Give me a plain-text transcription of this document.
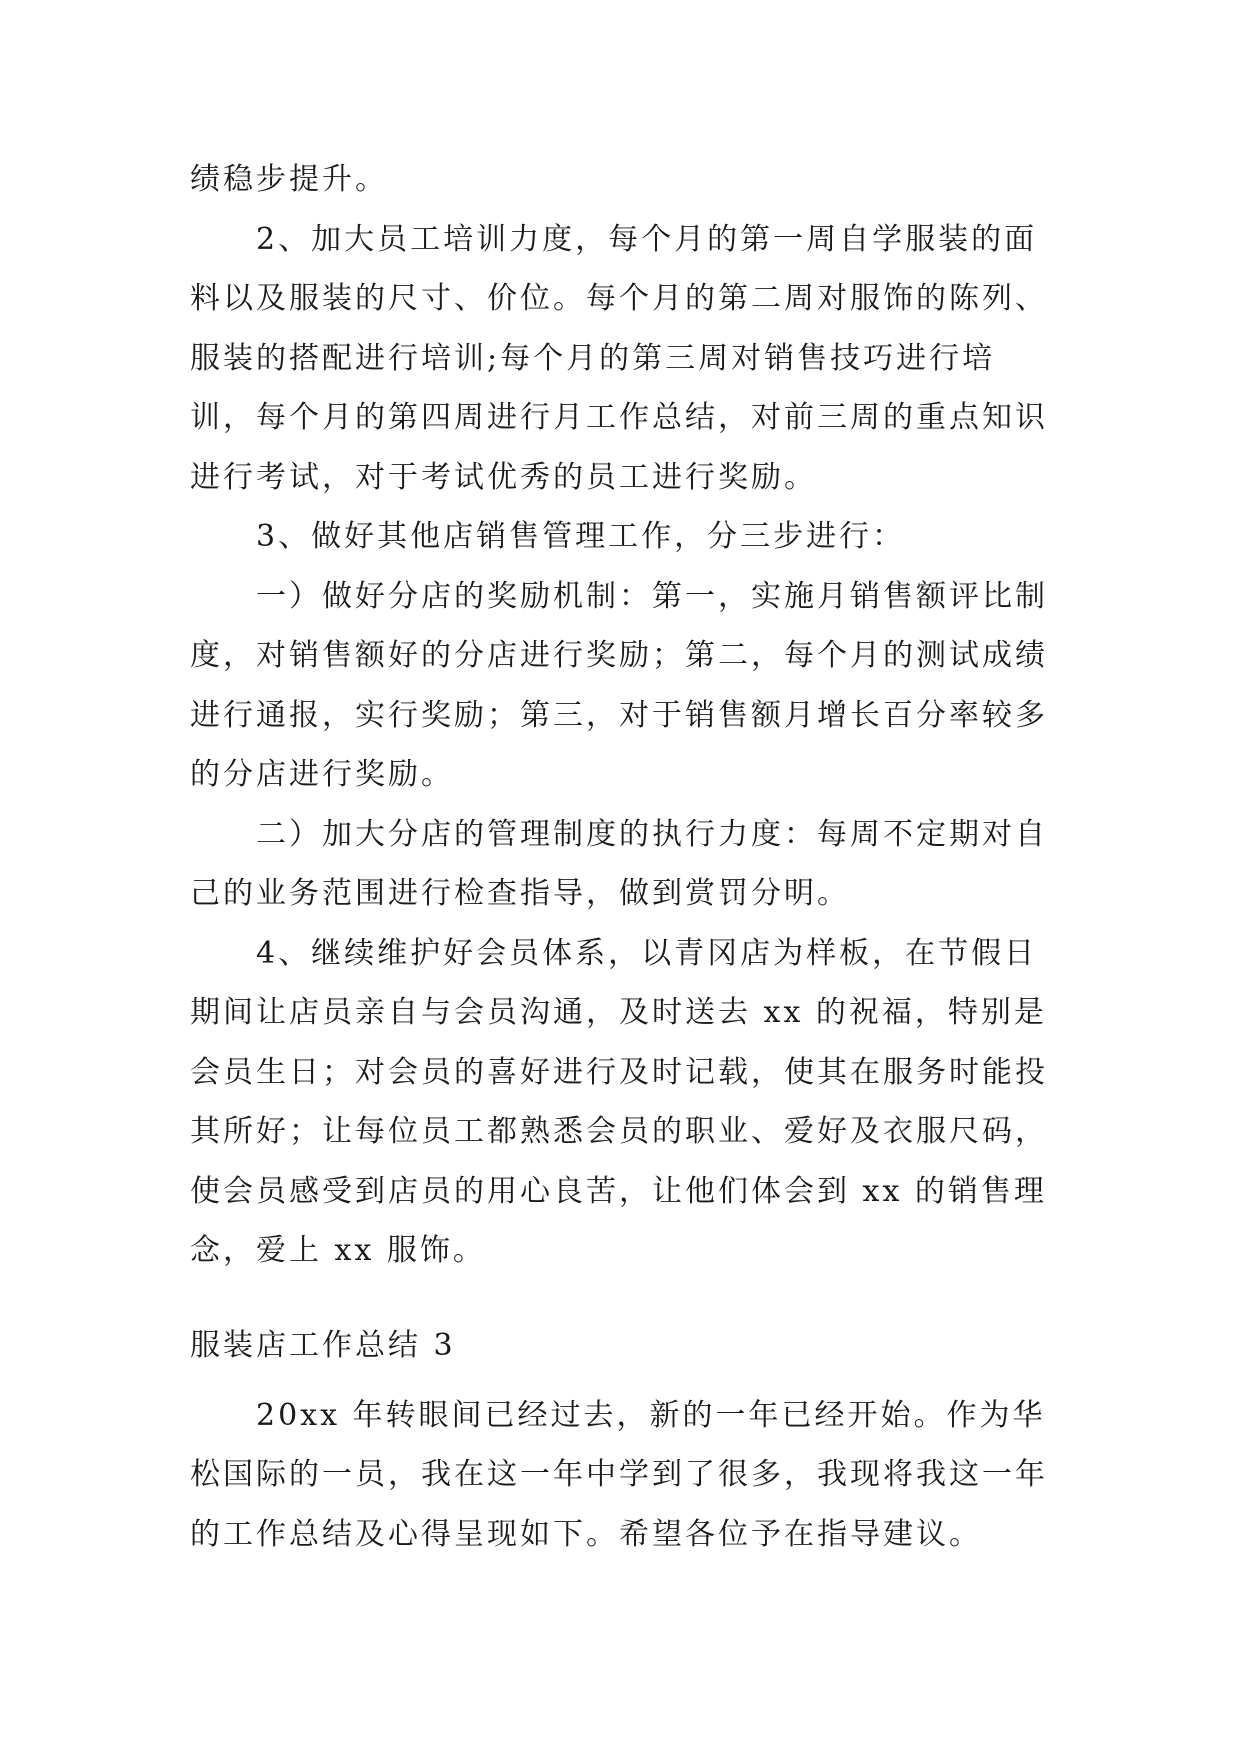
绩稳步提升。

2、加大员工培训力度，每个月的第一周自学服装的面料以及服装的尺寸、价位。每个月的第二周对服饰的陈列、服装的搭配进行培训;每个月的第三周对销售技巧进行培训，每个月的第四周进行月工作总结，对前三周的重点知识进行考试，对于考试优秀的员工进行奖励。

3、做好其他店销售管理工作，分三步进行：

一）做好分店的奖励机制：第一，实施月销售额评比制度，对销售额好的分店进行奖励；第二，每个月的测试成绩进行通报，实行奖励；第三，对于销售额月增长百分率较多的分店进行奖励。

二）加大分店的管理制度的执行力度：每周不定期对自己的业务范围进行检查指导，做到赏罚分明。

4、继续维护好会员体系，以青冈店为样板，在节假日期间让店员亲自与会员沟通，及时送去 xx 的祝福，特别是会员生日；对会员的喜好进行及时记载，使其在服务时能投其所好；让每位员工都熟悉会员的职业、爱好及衣服尺码，使会员感受到店员的用心良苦，让他们体会到 xx 的销售理念，爱上 xx 服饰。

服装店工作总结 3

20xx 年转眼间已经过去，新的一年已经开始。作为华松国际的一员，我在这一年中学到了很多，我现将我这一年的工作总结及心得呈现如下。希望各位予在指导建议。
